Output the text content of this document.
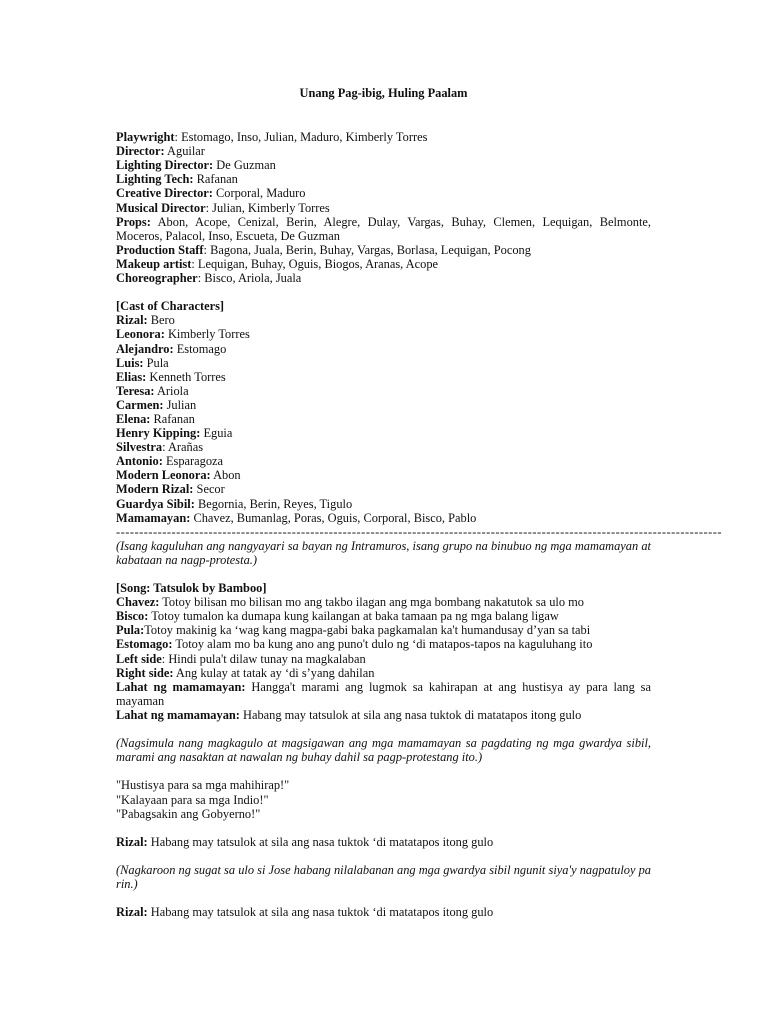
Unang Pag-ibig, Huling Paalam

Playwright: Estomago, Inso, Julian, Maduro, Kimberly Torres

Director: Aguilar

Lighting Director: De Guzman

Lighting Tech: Rafanan

Creative Director: Corporal, Maduro

Musical Director: Julian, Kimberly Torres

Props: Abon, Acope, Cenizal, Berin, Alegre, Dulay, Vargas, Buhay, Clemen, Lequigan, Belmonte, Moceros, Palacol, Inso, Escueta, De Guzman

Production Staff: Bagona, Juala, Berin, Buhay, Vargas, Borlasa, Lequigan, Pocong

Makeup artist: Lequigan, Buhay, Oguis, Biogos, Aranas, Acope

Choreographer: Bisco, Ariola, Juala

[Cast of Characters]

Rizal: Bero

Leonora: Kimberly Torres

Alejandro: Estomago

Luis: Pula

Elias: Kenneth Torres

Teresa: Ariola

Carmen: Julian

Elena: Rafanan

Henry Kipping: Eguia

Silvestra: Arañas

Antonio: Esparagoza

Modern Leonora: Abon

Modern Rizal: Secor

Guardya Sibil: Begornia, Berin, Reyes, Tigulo

Mamamayan: Chavez, Bumanlag, Poras, Oguis, Corporal, Bisco, Pablo

-----------------------------------------------------------------------------------------------------------------------------------

(Isang kaguluhan ang nangyayari sa bayan ng Intramuros, isang grupo na binubuo ng mga mamamayan at kabataan na nagp-protesta.)

[Song: Tatsulok by Bamboo]

Chavez: Totoy bilisan mo bilisan mo ang takbo ilagan ang mga bombang nakatutok sa ulo mo

Bisco: Totoy tumalon ka dumapa kung kailangan at baka tamaan pa ng mga balang ligaw

Pula:Totoy makinig ka ‘wag kang magpa-gabi baka pagkamalan ka't humandusay d’yan sa tabi

Estomago: Totoy alam mo ba kung ano ang puno't dulo ng ‘di matapos-tapos na kaguluhang ito

Left side: Hindi pula't dilaw tunay na magkalaban

Right side: Ang kulay at tatak ay ‘di s’yang dahilan

Lahat ng mamamayan: Hangga't marami ang lugmok sa kahirapan at ang hustisya ay para lang sa mayaman

Lahat ng mamamayan: Habang may tatsulok at sila ang nasa tuktok di matatapos itong gulo

(Nagsimula nang magkagulo at magsigawan ang mga mamamayan sa pagdating ng mga gwardya sibil, marami ang nasaktan at nawalan ng buhay dahil sa pagp-protestang ito.)

"Hustisya para sa mga mahihirap!"

"Kalayaan para sa mga Indio!"

"Pabagsakin ang Gobyerno!"

Rizal: Habang may tatsulok at sila ang nasa tuktok ‘di matatapos itong gulo

(Nagkaroon ng sugat sa ulo si Jose habang nilalabanan ang mga gwardya sibil ngunit siya'y nagpatuloy pa rin.)

Rizal: Habang may tatsulok at sila ang nasa tuktok ‘di matatapos itong gulo
